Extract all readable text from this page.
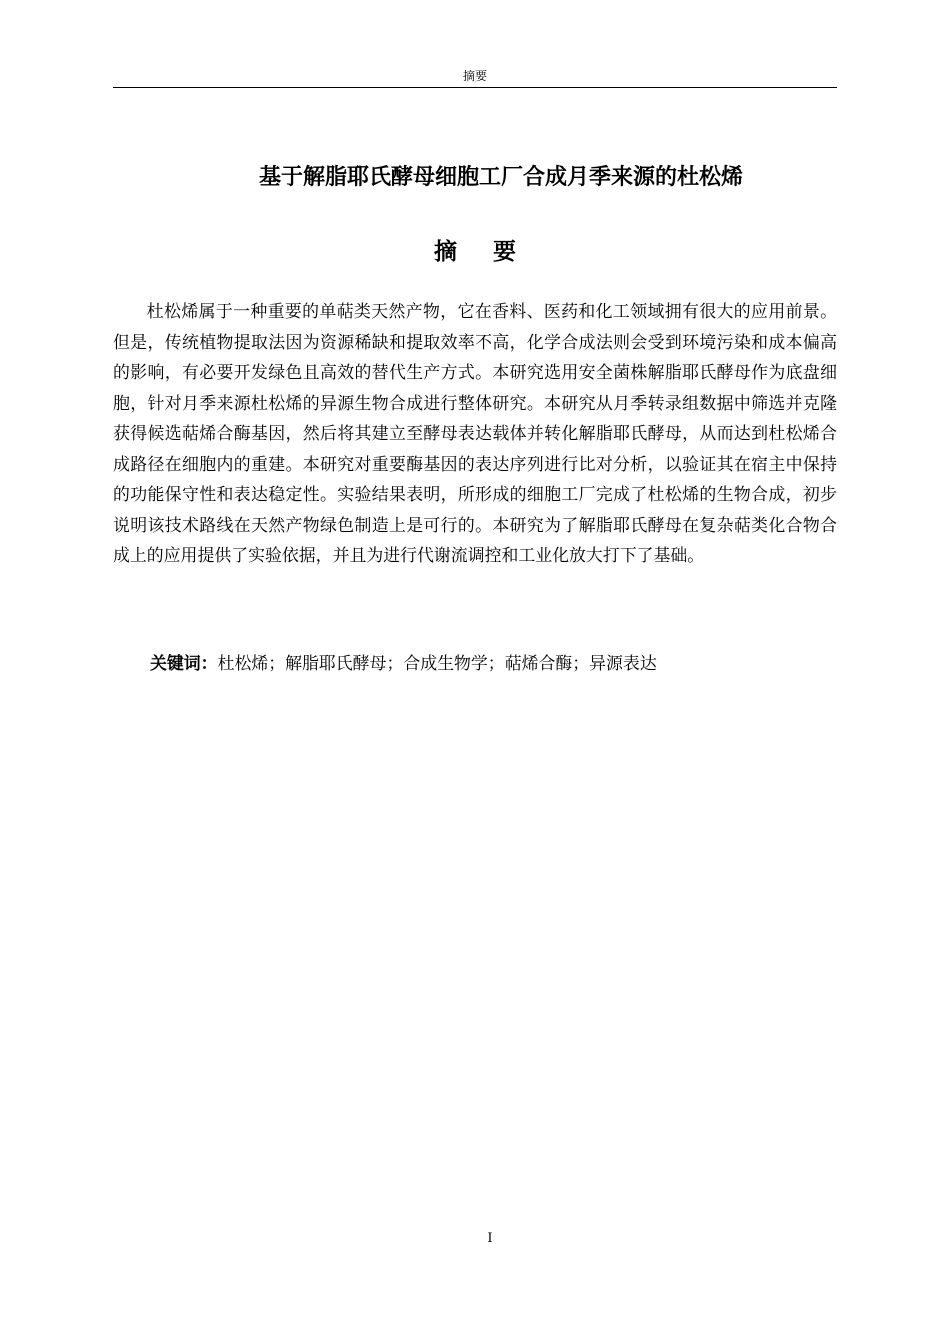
摘要
基于解脂耶氏酵母细胞工厂合成月季来源的杜松烯
摘 要

杜松烯属于一种重要的单萜类天然产物，它在香料、医药和化工领域拥有很大的应用前景。但是，传统植物提取法因为资源稀缺和提取效率不高，化学合成法则会受到环境污染和成本偏高的影响，有必要开发绿色且高效的替代生产方式。本研究选用安全菌株解脂耶氏酵母作为底盘细胞，针对月季来源杜松烯的异源生物合成进行整体研究。本研究从月季转录组数据中筛选并克隆获得候选萜烯合酶基因，然后将其建立至酵母表达载体并转化解脂耶氏酵母，从而达到杜松烯合成路径在细胞内的重建。本研究对重要酶基因的表达序列进行比对分析，以验证其在宿主中保持的功能保守性和表达稳定性。实验结果表明，所形成的细胞工厂完成了杜松烯的生物合成，初步说明该技术路线在天然产物绿色制造上是可行的。本研究为了解脂耶氏酵母在复杂萜类化合物合成上的应用提供了实验依据，并且为进行代谢流调控和工业化放大打下了基础。

关键词：杜松烯；解脂耶氏酵母；合成生物学；萜烯合酶；异源表达

I
